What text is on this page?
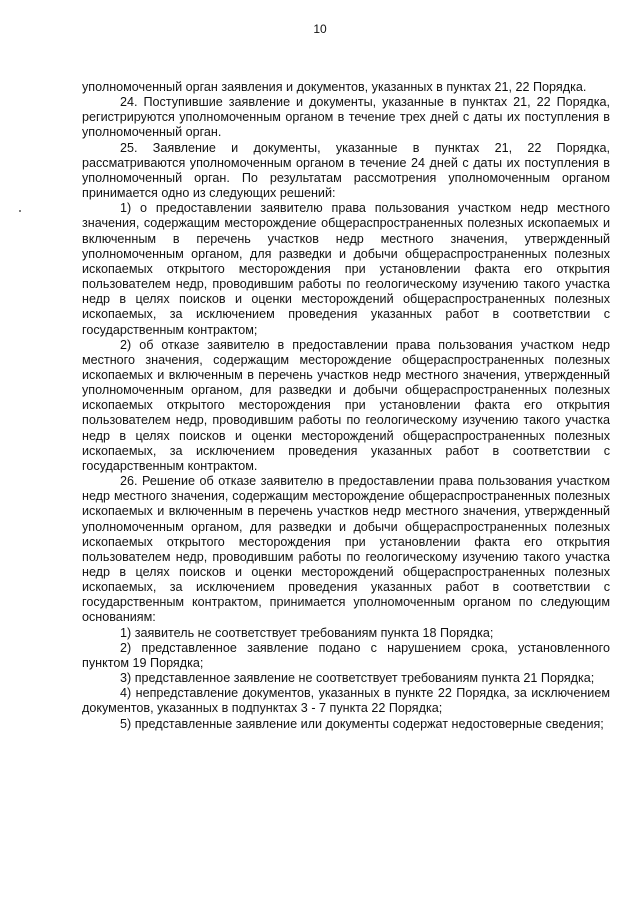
10

уполномоченный орган заявления и документов, указанных в пунктах 21, 22 Порядка.

24. Поступившие заявление и документы, указанные в пунктах 21, 22 Порядка, регистрируются уполномоченным органом в течение трех дней с даты их поступления в уполномоченный орган.

25. Заявление и документы, указанные в пунктах 21, 22 Порядка, рассматриваются уполномоченным органом в течение 24 дней с даты их поступления в уполномоченный орган. По результатам рассмотрения уполномоченным органом принимается одно из следующих решений:

1) о предоставлении заявителю права пользования участком недр местного значения, содержащим месторождение общераспространенных полезных ископаемых и включенным в перечень участков недр местного значения, утвержденный уполномоченным органом, для разведки и добычи общераспространенных полезных ископаемых открытого месторождения при установлении факта его открытия пользователем недр, проводившим работы по геологическому изучению такого участка недр в целях поисков и оценки месторождений общераспространенных полезных ископаемых, за исключением проведения указанных работ в соответствии с государственным контрактом;

2) об отказе заявителю в предоставлении права пользования участком недр местного значения, содержащим месторождение общераспространенных полезных ископаемых и включенным в перечень участков недр местного значения, утвержденный уполномоченным органом, для разведки и добычи общераспространенных полезных ископаемых открытого месторождения при установлении факта его открытия пользователем недр, проводившим работы по геологическому изучению такого участка недр в целях поисков и оценки месторождений общераспространенных полезных ископаемых, за исключением проведения указанных работ в соответствии с государственным контрактом.

26. Решение об отказе заявителю в предоставлении права пользования участком недр местного значения, содержащим месторождение общераспространенных полезных ископаемых и включенным в перечень участков недр местного значения, утвержденный уполномоченным органом, для разведки и добычи общераспространенных полезных ископаемых открытого месторождения при установлении факта его открытия пользователем недр, проводившим работы по геологическому изучению такого участка недр в целях поисков и оценки месторождений общераспространенных полезных ископаемых, за исключением проведения указанных работ в соответствии с государственным контрактом, принимается уполномоченным органом по следующим основаниям:

1) заявитель не соответствует требованиям пункта 18 Порядка;

2) представленное заявление подано с нарушением срока, установленного пунктом 19 Порядка;

3) представленное заявление не соответствует требованиям пункта 21 Порядка;

4) непредставление документов, указанных в пункте 22 Порядка, за исключением документов, указанных в подпунктах 3 - 7 пункта 22 Порядка;

5) представленные заявление или документы содержат недостоверные сведения;
